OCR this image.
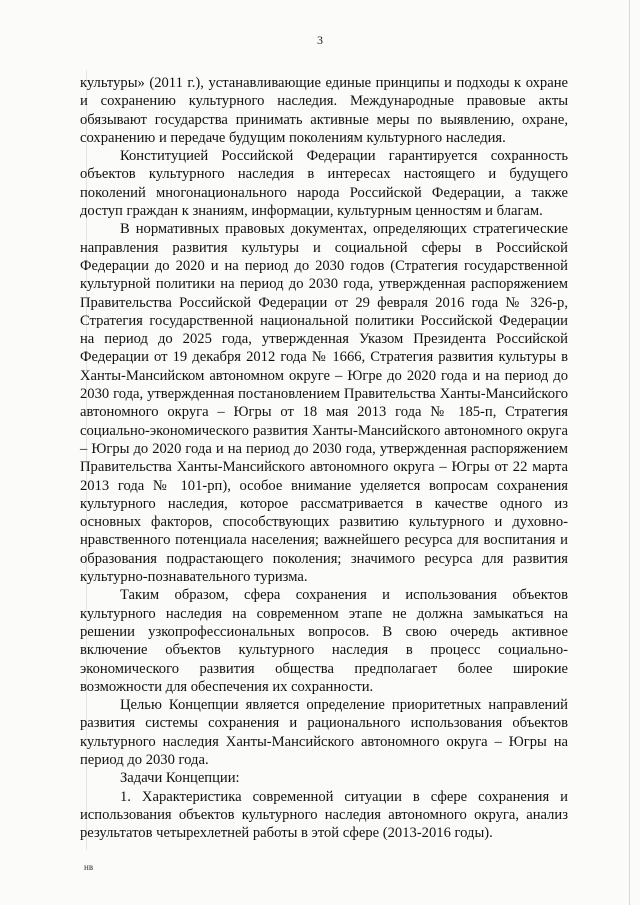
3

культуры» (2011 г.), устанавливающие единые принципы и подходы к охране и сохранению культурного наследия. Международные правовые акты обязывают государства принимать активные меры по выявлению, охране, сохранению и передаче будущим поколениям культурного наследия.

Конституцией Российской Федерации гарантируется сохранность объектов культурного наследия в интересах настоящего и будущего поколений многонационального народа Российской Федерации, а также доступ граждан к знаниям, информации, культурным ценностям и благам.

В нормативных правовых документах, определяющих стратегические направления развития культуры и социальной сферы в Российской Федерации до 2020 и на период до 2030 годов (Стратегия государственной культурной политики на период до 2030 года, утвержденная распоряжением Правительства Российской Федерации от 29 февраля 2016 года № 326-р, Стратегия государственной национальной политики Российской Федерации на период до 2025 года, утвержденная Указом Президента Российской Федерации от 19 декабря 2012 года № 1666, Стратегия развития культуры в Ханты-Мансийском автономном округе – Югре до 2020 года и на период до 2030 года, утвержденная постановлением Правительства Ханты-Мансийского автономного округа – Югры от 18 мая 2013 года № 185-п, Стратегия социально-экономического развития Ханты-Мансийского автономного округа – Югры до 2020 года и на период до 2030 года, утвержденная распоряжением Правительства Ханты-Мансийского автономного округа – Югры от 22 марта 2013 года № 101-рп), особое внимание уделяется вопросам сохранения культурного наследия, которое рассматривается в качестве одного из основных факторов, способствующих развитию культурного и духовно-нравственного потенциала населения; важнейшего ресурса для воспитания и образования подрастающего поколения; значимого ресурса для развития культурно-познавательного туризма.

Таким образом, сфера сохранения и использования объектов культурного наследия на современном этапе не должна замыкаться на решении узкопрофессиональных вопросов. В свою очередь активное включение объектов культурного наследия в процесс социально-экономического развития общества предполагает более широкие возможности для обеспечения их сохранности.

Целью Концепции является определение приоритетных направлений развития системы сохранения и рационального использования объектов культурного наследия Ханты-Мансийского автономного округа – Югры на период до 2030 года.

Задачи Концепции:

1. Характеристика современной ситуации в сфере сохранения и использования объектов культурного наследия автономного округа, анализ результатов четырехлетней работы в этой сфере (2013-2016 годы).

нв
